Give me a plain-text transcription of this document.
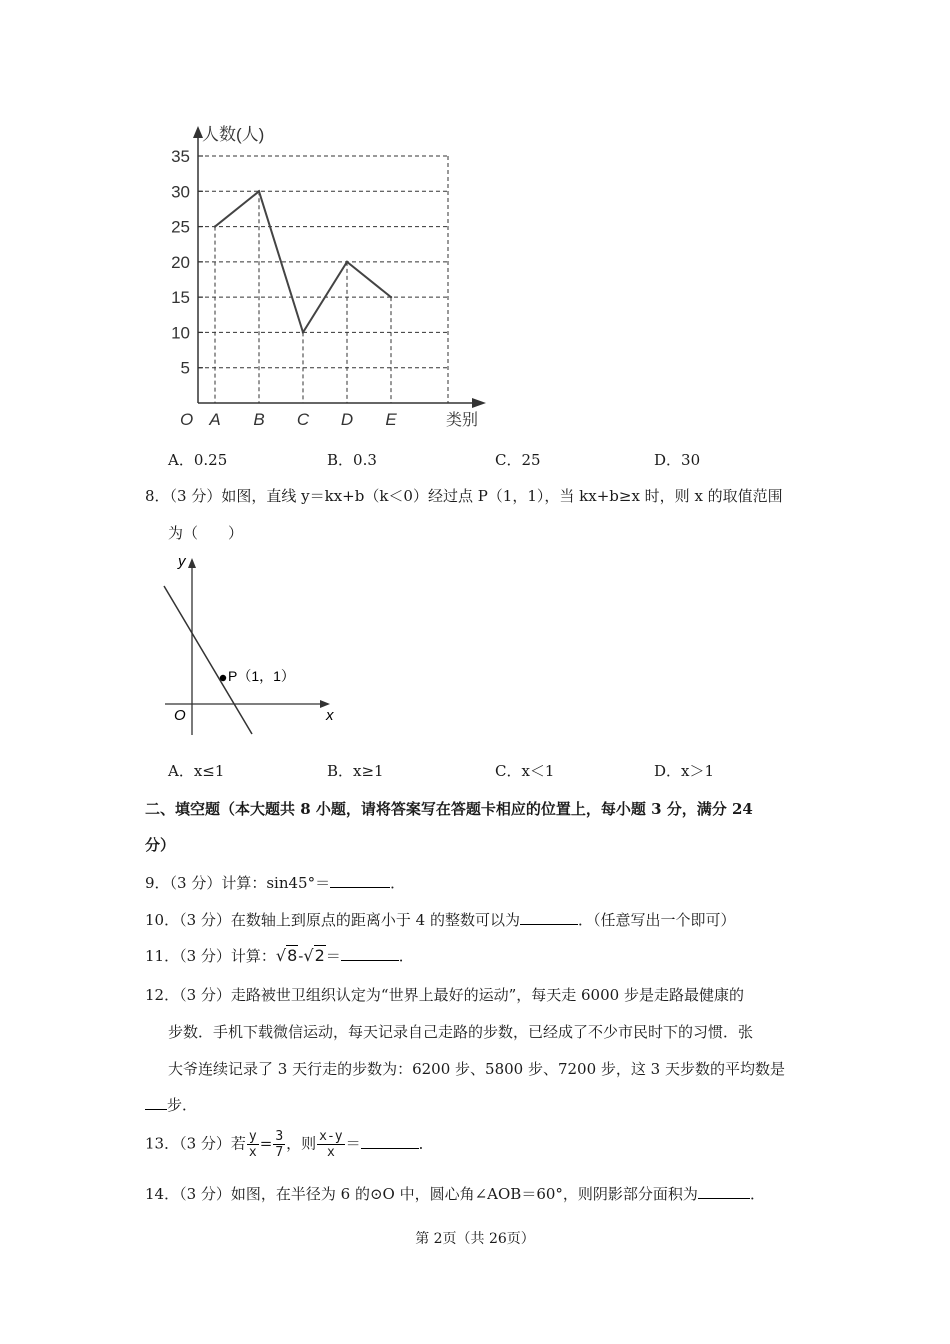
5
10
15
20
25
30
35
A B C D E
人数(人)
类别
O
A．0.25	B．0.3	C．25	D．30
8．（3 分）如图，直线 y＝kx+b（k＜0）经过点 P（1，1），当 kx+b≥x 时，则 x 的取值范围
为（　　）
y
x
O
P（1，1）
A．x≤1	B．x≥1	C．x＜1	D．x＞1
二、填空题（本大题共 8 小题，请将答案写在答题卡相应的位置上，每小题 3 分，满分 24
分）
9．（3 分）计算：sin45°＝	．
10．（3 分）在数轴上到原点的距离小于 4 的整数可以为	．（任意写出一个即可）
11．（3 分）计算：√8-√2＝	．
12．（3 分）走路被世卫组织认定为“世界上最好的运动”，每天走 6000 步是走路最健康的
步数．手机下载微信运动，每天记录自己走路的步数，已经成了不少市民时下的习惯．张
大爷连续记录了 3 天行走的步数为：6200 步、5800 步、7200 步，这 3 天步数的平均数是
步．
13．（3 分）若 $\frac{y}{x} = \frac{3}{7}$ ，则 $\frac{x-y}{x}$ ＝	．
14．（3 分）如图，在半径为 6 的⊙O 中，圆心角∠AOB＝60°，则阴影部分面积为	．
第 2页（共 26页）
